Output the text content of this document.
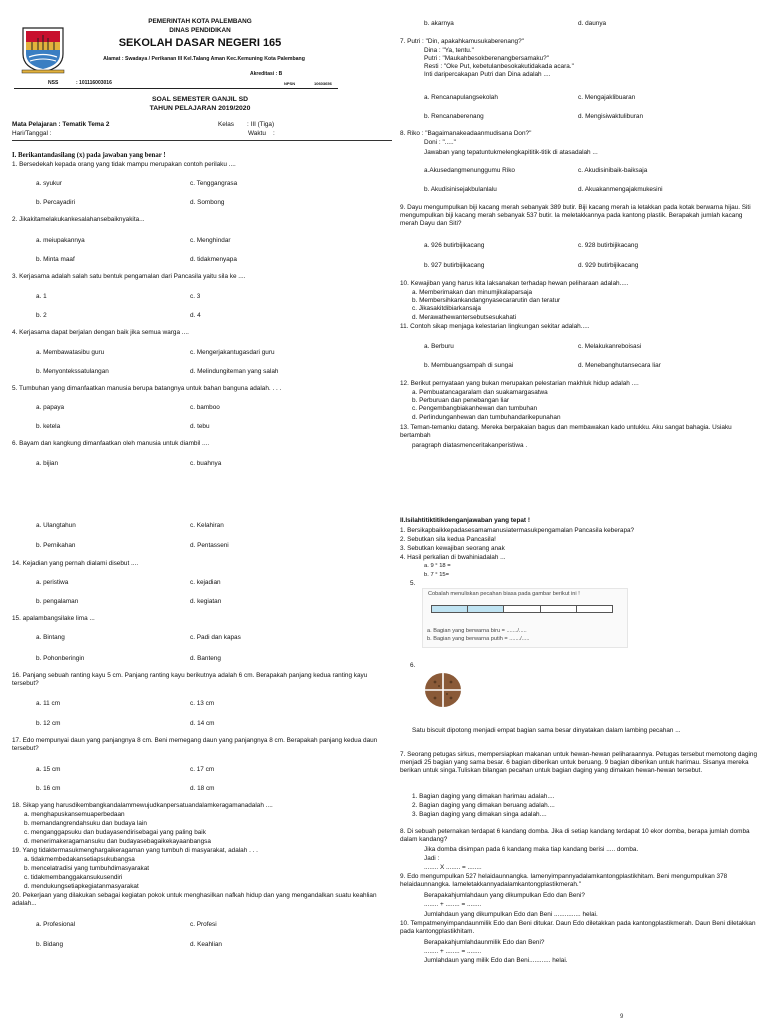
PEMERINTAH KOTA PALEMBANG
DINAS PENDIDIKAN
SEKOLAH DASAR NEGERI 165
Alamat : Swadaya / Perikanan III Kel.Talang Aman Kec.Kemuning Kota Palembang
Akreditasi : B
NSS	: 101116003016	NPSN	10603656
SOAL SEMESTER GANJIL SD
TAHUN PELAJARAN 2019/2020
Mata Pelajaran : Tematik Tema 2
Hari/Tanggal :
Kelas : III (Tiga)
Waktu :
I. Berikantandasilang (x) pada jawaban yang benar !
1. Bersedekah kepada orang yang tidak mampu merupakan contoh perilaku ....
a. syukur	c. Tenggangrasa
b. Percayadiri	d. Sombong
2. Jikakitamelakukankesalahansebaiknyakita...
a. meiupakannya	c. Menghindar
b. Minta maaf	d. tidakmenyapa
3. Kerjasama adalah salah satu bentuk pengamalan dari Pancasila yaitu sila ke ....
a. 1	c. 3
b. 2	d. 4
4. Kerjasama dapat berjalan dengan baik jika semua warga ....
a. Membawatasibu guru	c. Mengerjakantugasdari guru
b. Menyontekssatulangan	d. Melindungiteman yang salah
5. Tumbuhan yang dimanfaatkan manusia berupa batangnya untuk bahan banguna adalah. . . .
a. papaya	c. bamboo
b. ketela	d. tebu
6. Bayam dan kangkung dimanfaatkan oleh manusia untuk diambil ....
a. bijian	c. buahnya
a. Ulangtahun	c. Kelahiran
b. Pernikahan	d. Pentasseni
14. Kejadian yang pernah dialami disebut ....
a. peristiwa	c. kejadian
b. pengalaman	d. kegiatan
15. apalambangsilake lima ...
a. Bintang	c. Padi dan kapas
b. Pohonberingin	d. Banteng
16. Panjang sebuah ranting kayu 5 cm. Panjang ranting kayu berikutnya adalah 6 cm. Berapakah panjang kedua ranting kayu tersebut?
a. 11 cm	c. 13 cm
b. 12 cm	d. 14 cm
17. Edo mempunyai daun yang panjangnya 8 cm. Beni memegang daun yang panjangnya 8 cm. Berapakah panjang kedua daun tersebut?
a. 15 cm	c. 17 cm
b. 16 cm	d. 18 cm
18. Sikap yang harusdikembangkandalammewujudkanpersatuandalamkeragamanadalah ....
a. menghapuskansemuaperbedaan
b. memandangrendahsuku dan budaya lain
c. menganggapsuku dan budayasendirisebagai yang paling baik
d. menerimakeragamansuku dan budayasebagaikekayaanbangsa
19. Yang tidaktermasukmenghargaikeragaman yang tumbuh di masyarakat, adalah . . .
a. tidakmembedakansetiapsukubangsa
b. mencelatradisi yang tumbuhdimasyarakat
c. tidakmembanggakansukusendiri
d. mendukungsetiapkegiatanmasyarakat
20. Pekerjaan yang dilakukan sebagai kegiatan pokok untuk menghasilkan nafkah hidup dan yang mengandalkan suatu keahlian adalah...
a. Profesional	c. Profesi
b. Bidang	d. Keahlian
b. akarnya	d. daunya
7. Putri : "Din, apakahkamusukaberenang?"
Dina : "Ya, tentu."
Putri : "Maukahbesokberenangbersamaku?"
Resti : "Oke Put, kebetulanbesokakutidakada acara."
Inti daripercakapan Putri dan Dina adalah ....
a. Rencanapulangsekolah	c. Mengajaklibuaran
b. Rencanaberenang	d. Mengisiwaktuliburan
8. Riko : "Bagaimanakeadaanmudisana Don?"
Doni : "....."
Jawaban yang tepatuntukmelengkapititik-titik di atasadalah ...
a.Akusedangmenunggumu Riko	c. Akudisinibaik-baiksaja
b. Akudisinisejakbulanlalu	d. Akuakanmengajakmukesini
9. Dayu mengumpulkan biji kacang merah sebanyak 389 butir. Biji kacang merah ia letakkan pada kotak berwarna hijau. Siti mengumpulkan biji kacang merah sebanyak 537 butir. Ia meletakkannya pada kantong plastik. Berapakah jumlah kacang merah Dayu dan Siti?
a. 926 butirbijikacang	c. 928 butirbijikacang
b. 927 butirbijikacang	d. 929 butirbijikacang
10. Kewajiban yang harus kita laksanakan terhadap hewan peliharaan adalah.....
a. Memberimakan dan minumjikalaparsaja
b. Membersihkankandangnyasecararutin dan teratur
c. Jikasakitdibiarkansaja
d. Merawathewantersebutsesukahati
11. Contoh sikap menjaga kelestarian lingkungan sekitar adalah.....
a. Berburu	c. Melakukanreboisasi
b. Membuangsampah di sungai	d. Menebanghutansecara liar
12. Berikut pernyataan yang bukan merupakan pelestarian makhluk hidup adalah ....
a. Pembuatancagaralam dan suakamargasatwa
b. Perburuan dan penebangan liar
c. Pengembangbiakanhewan dan tumbuhan
d. Perlindunganhewan dan tumbuhandarikepunahan
13. Teman-temanku datang. Mereka berpakaian bagus dan membawakan kado untukku. Aku sangat bahagia. Usiaku bertambah
paragraph diatasmenceritakanperistiwa .
II.Isilahtitiktitikdenganjawaban yang tepat !
1. Bersikapbaikkepadasesamamanusiatermasukpengamalan Pancasila keberapa?
2. Sebutkan sila kedua Pancasila!
3. Sebutkan kewajiban seorang anak
4. Hasil perkalian di bwahiniadalah ...
a. 9 ° 18 =
b. 7 ° 15=
5.
Cobalah menuliskan pecahan biasa pada gambar berikut ini !
a. Bagian yang berwarna biru = ......./.....
b. Bagian yang berwarna putih = ......./.....
6.
Satu biscuit dipotong menjadi empat bagian sama besar dinyatakan dalam lambing pecahan ...
7. Seorang petugas sirkus, mempersiapkan makanan untuk hewan-hewan peliharaannya. Petugas tersebut memotong daging menjadi 25 bagian yang sama besar. 6 bagian diberikan untuk beruang. 9 bagian diberikan untuk harimau. Sisanya mereka berikan untuk singa.Tuliskan bilangan pecahan untuk bagian daging yang dimakan hewan-hewan tersebut.
1. Bagian daging yang dimakan harimau adalah....
2. Bagian daging yang dimakan beruang adalah....
3. Bagian daging yang dimakan singa adalah....
8. Di sebuah peternakan terdapat 6 kandang domba. Jika di setiap kandang terdapat 10 ekor domba, berapa jumlah domba dalam kandang?
Jika domba disimpan pada 6 kandang maka tiap kandang berisi ..... domba.
Jadi :
........ X ........ = ........
9. Edo mengumpulkan 527 helaidaunnangka. Iamenyimpannyadalamkantongplastikhitam. Beni mengumpulkan 378 helaidaunnangka. Iameletakkannyadalamkantongplastikmerah."
Berapakahjumlahdaun yang dikumpulkan Edo dan Beni?
........ + ........ = ........
Jumlahdaun yang dikumpulkan Edo dan Beni ............... helai.
10. Tempatmenyimpandaunmilik Edo dan Beni ditukar. Daun Edo diletakkan pada kantongplastikmerah. Daun Beni diletakkan pada kantongplastikhitam.
Berapakahjumlahdaunmilik Edo dan Beni?
........ + ........ = ........
Jumlahdaun yang milik Edo dan Beni............ helai.
9
